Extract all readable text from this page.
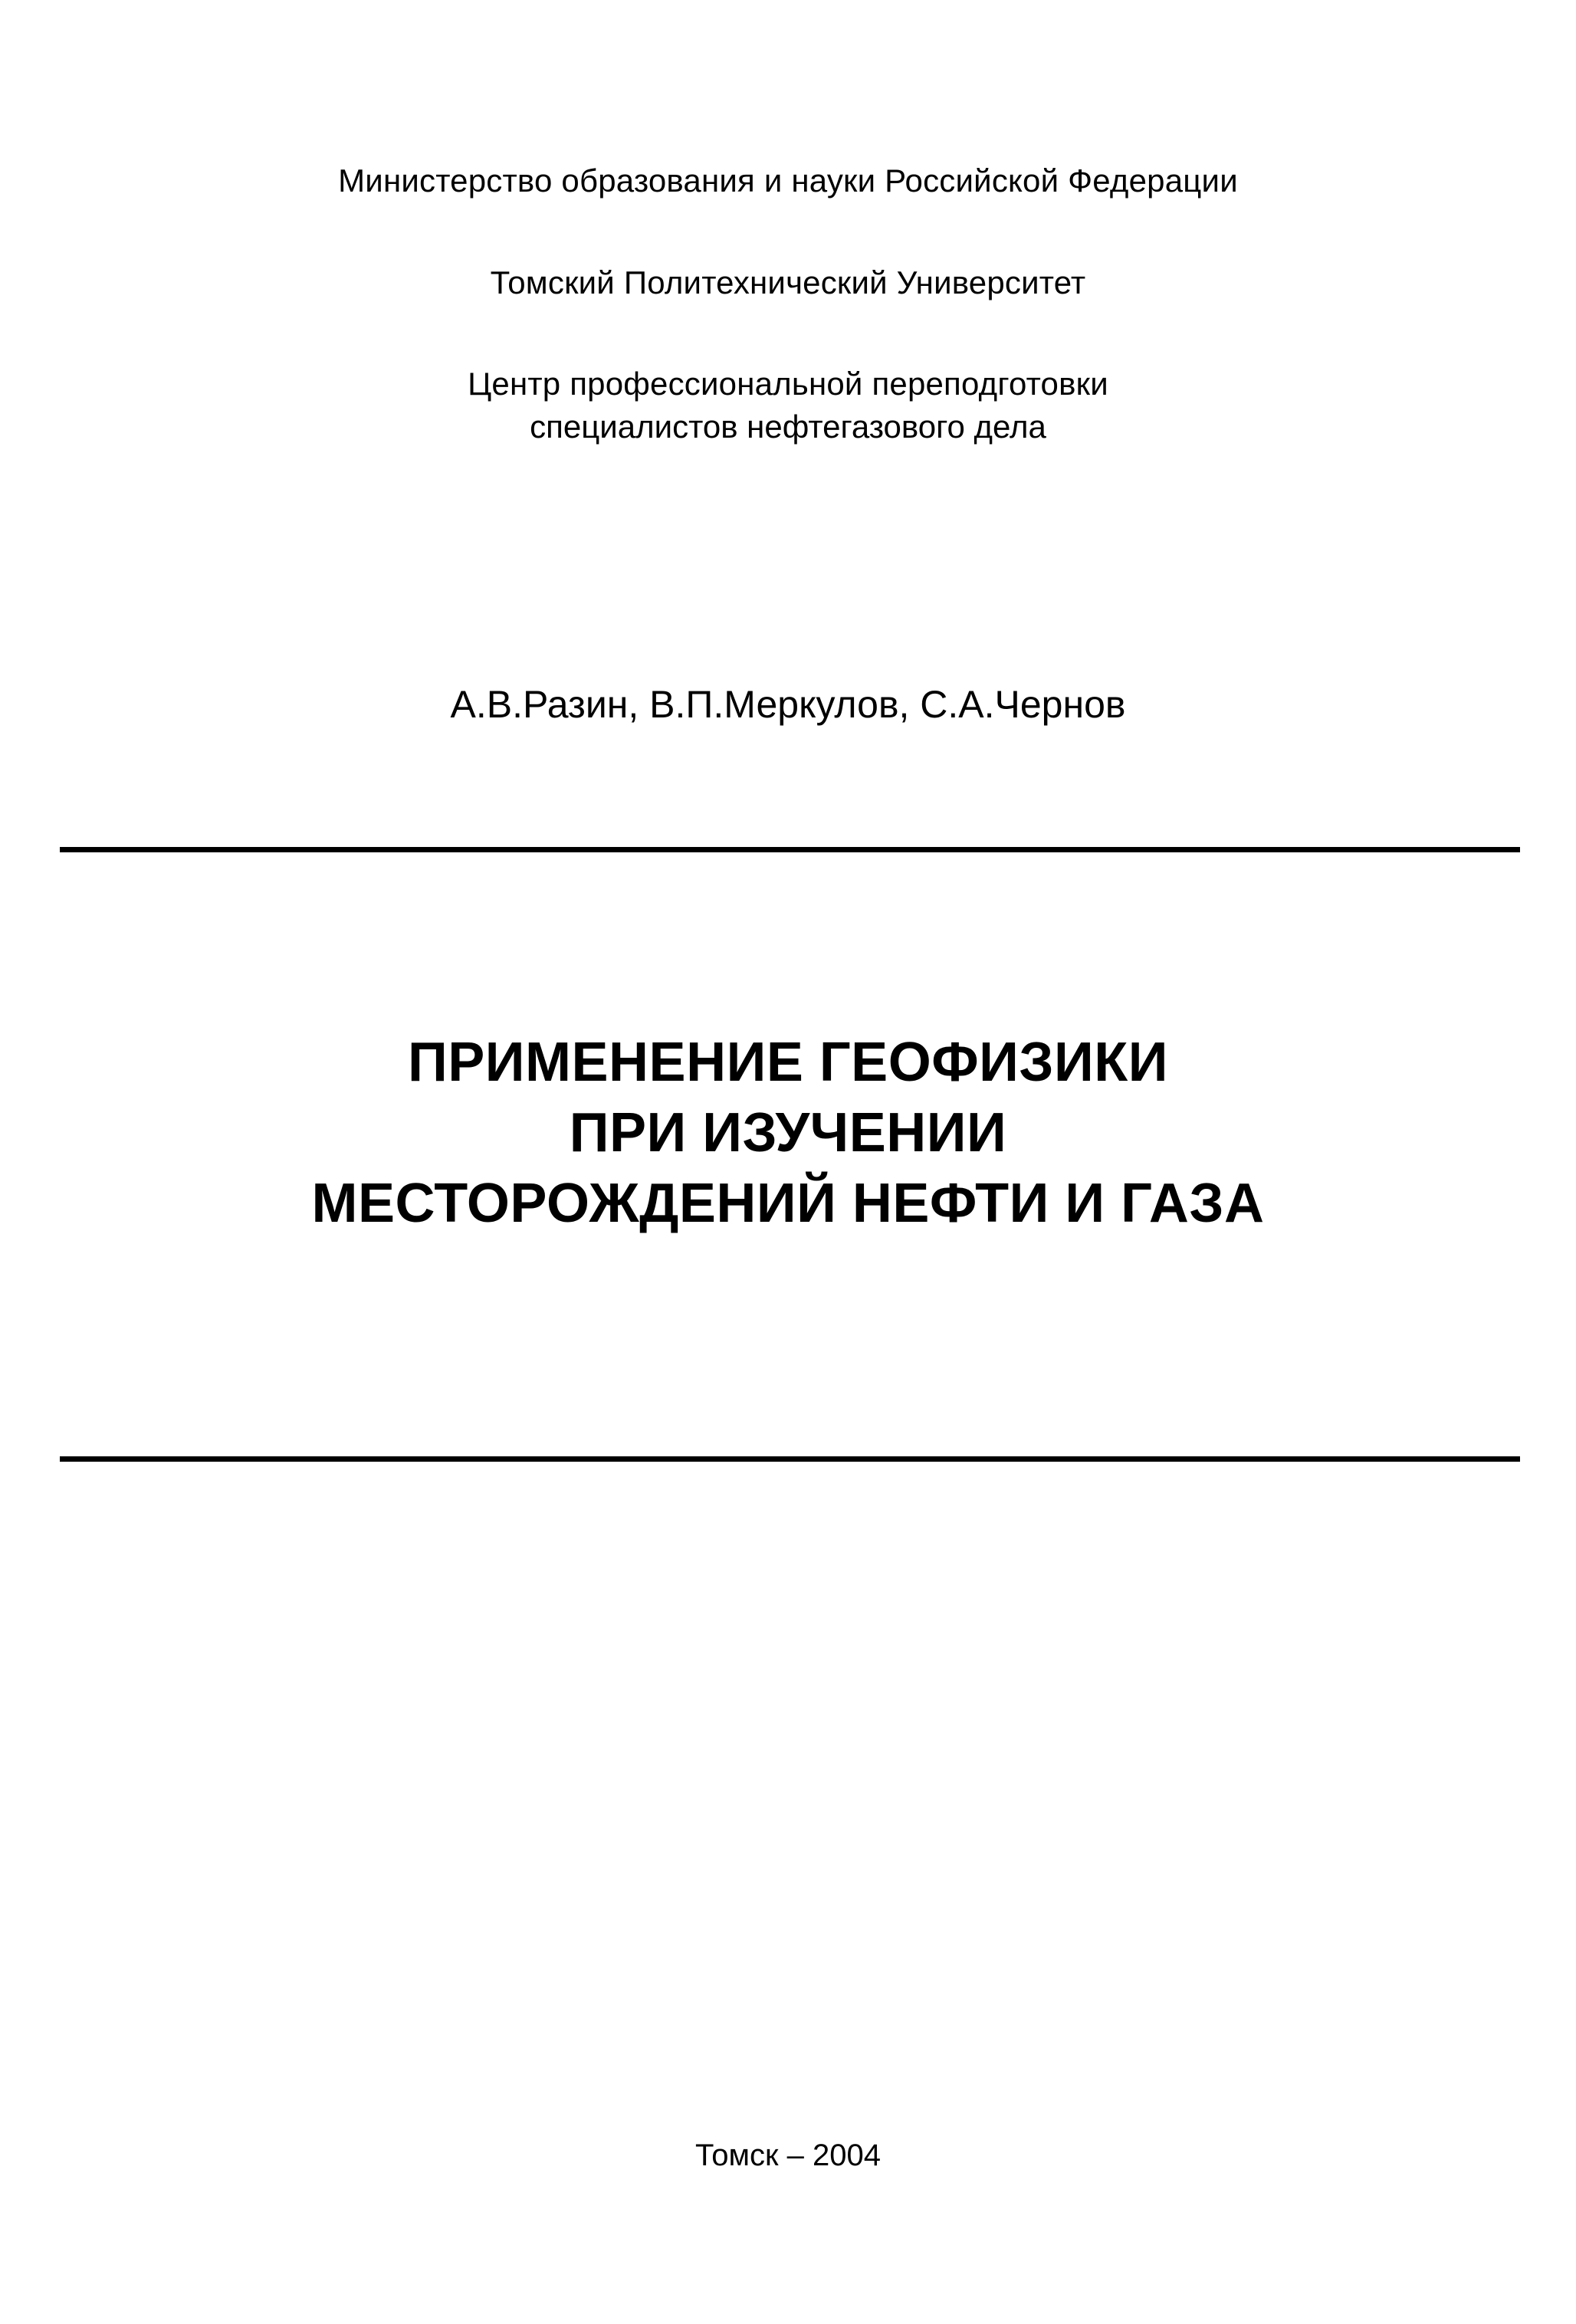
Министерство образования и науки Российской Федерации
Томский Политехнический Университет
Центр профессиональной переподготовки
специалистов нефтегазового дела
А.В.Разин, В.П.Меркулов, С.А.Чернов
ПРИМЕНЕНИЕ ГЕОФИЗИКИ
ПРИ ИЗУЧЕНИИ
МЕСТОРОЖДЕНИЙ НЕФТИ И ГАЗА
Томск – 2004
